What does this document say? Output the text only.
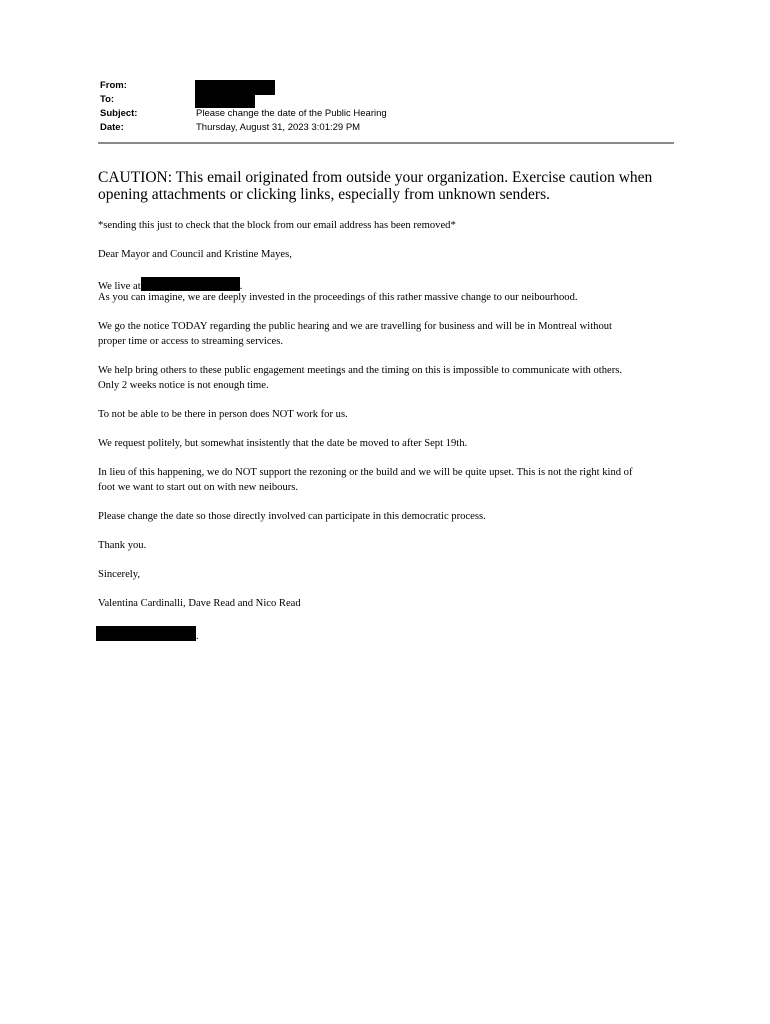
From:
To:
Subject:	Please change the date of the Public Hearing
Date:	Thursday, August 31, 2023 3:01:29 PM
CAUTION: This email originated from outside your organization. Exercise caution when
opening attachments or clicking links, especially from unknown senders.
*sending this just to check that the block from our email address has been removed*
Dear Mayor and Council and Kristine Mayes,
We live at	.
As you can imagine, we are deeply invested in the proceedings of this rather massive change to our neibourhood.
We go the notice TODAY regarding the public hearing and we are travelling for business and will be in Montreal without
proper time or access to streaming services.
We help bring others to these public engagement meetings and the timing on this is impossible to communicate with others.
Only 2 weeks notice is not enough time.
To not be able to be there in person does NOT work for us.
We request politely, but somewhat insistently that the date be moved to after Sept 19th.
In lieu of this happening, we do NOT support the rezoning or the build and we will be quite upset. This is not the right kind of
foot we want to start out on with new neibours.
Please change the date so those directly involved can participate in this democratic process.
Thank you.
Sincerely,
Valentina Cardinalli, Dave Read and Nico Read
.
